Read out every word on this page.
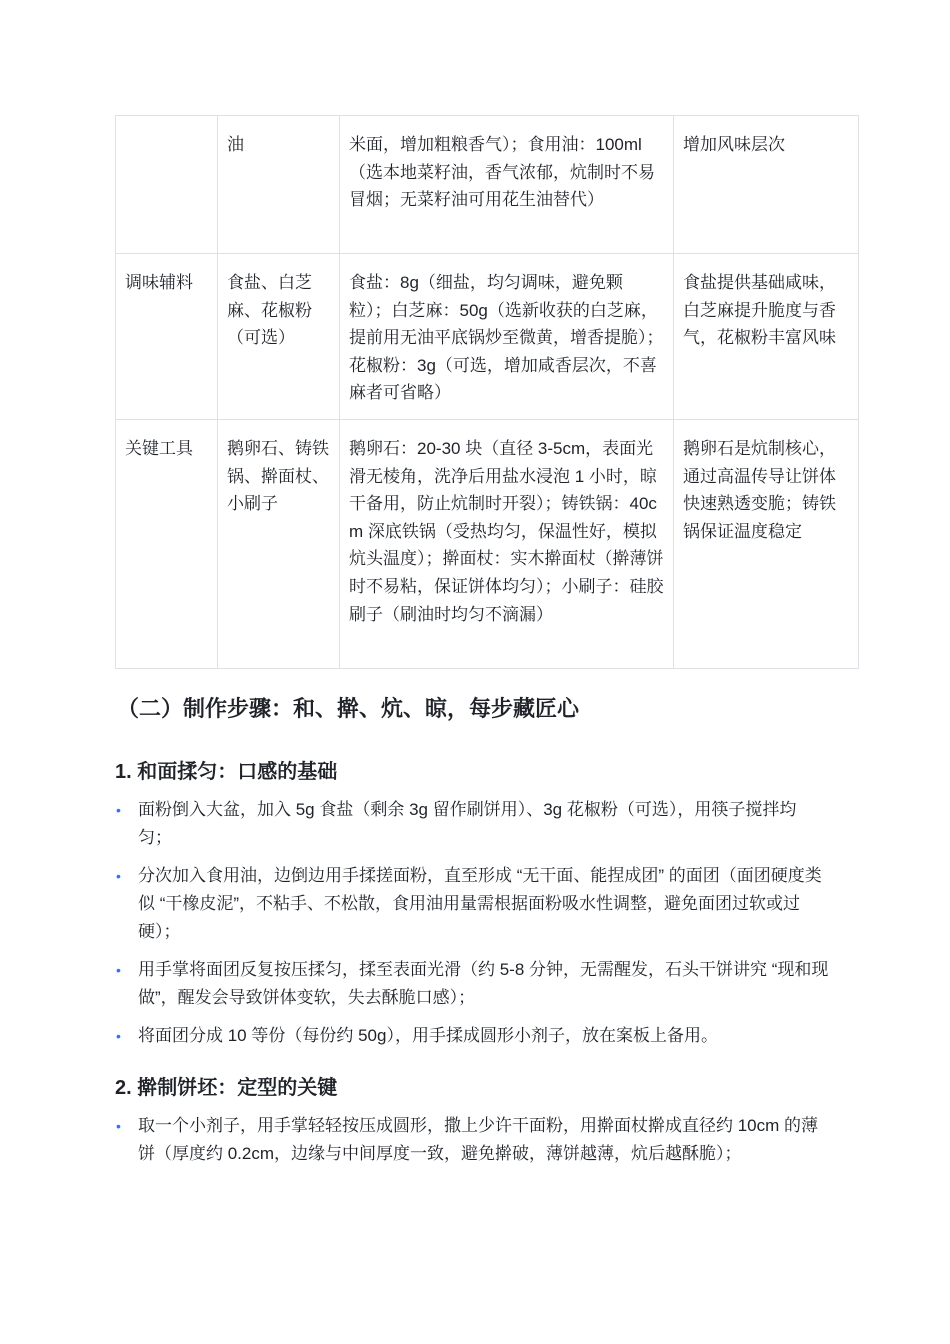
	油	米面，增加粗粮香气）；食用油：100ml（选本地菜籽油，香气浓郁，炕制时不易冒烟；无菜籽油可用花生油替代）	增加风味层次
调味辅料	食盐、白芝麻、花椒粉（可选）	食盐：8g（细盐，均匀调味，避免颗粒）；白芝麻：50g（选新收获的白芝麻，提前用无油平底锅炒至微黄，增香提脆）；花椒粉：3g（可选，增加咸香层次，不喜麻者可省略）	食盐提供基础咸味，白芝麻提升脆度与香气，花椒粉丰富风味
关键工具	鹅卵石、铸铁锅、擀面杖、小刷子	鹅卵石：20-30 块（直径 3-5cm，表面光滑无棱角，洗净后用盐水浸泡 1 小时，晾干备用，防止炕制时开裂）；铸铁锅：40cm 深底铁锅（受热均匀，保温性好，模拟炕头温度）；擀面杖：实木擀面杖（擀薄饼时不易粘，保证饼体均匀）；小刷子：硅胶刷子（刷油时均匀不滴漏）	鹅卵石是炕制核心，通过高温传导让饼体快速熟透变脆；铸铁锅保证温度稳定
（二）制作步骤：和、擀、炕、晾，每步藏匠心
1. 和面揉匀：口感的基础
• 面粉倒入大盆，加入 5g 食盐（剩余 3g 留作刷饼用）、3g 花椒粉（可选），用筷子搅拌均匀；
• 分次加入食用油，边倒边用手揉搓面粉，直至形成 “无干面、能捏成团” 的面团（面团硬度类似 “干橡皮泥”，不粘手、不松散，食用油用量需根据面粉吸水性调整，避免面团过软或过硬）；
• 用手掌将面团反复按压揉匀，揉至表面光滑（约 5-8 分钟，无需醒发，石头干饼讲究 “现和现做”，醒发会导致饼体变软，失去酥脆口感）；
• 将面团分成 10 等份（每份约 50g），用手揉成圆形小剂子，放在案板上备用。
2. 擀制饼坯：定型的关键
• 取一个小剂子，用手掌轻轻按压成圆形，撒上少许干面粉，用擀面杖擀成直径约 10cm 的薄饼（厚度约 0.2cm，边缘与中间厚度一致，避免擀破，薄饼越薄，炕后越酥脆）；
